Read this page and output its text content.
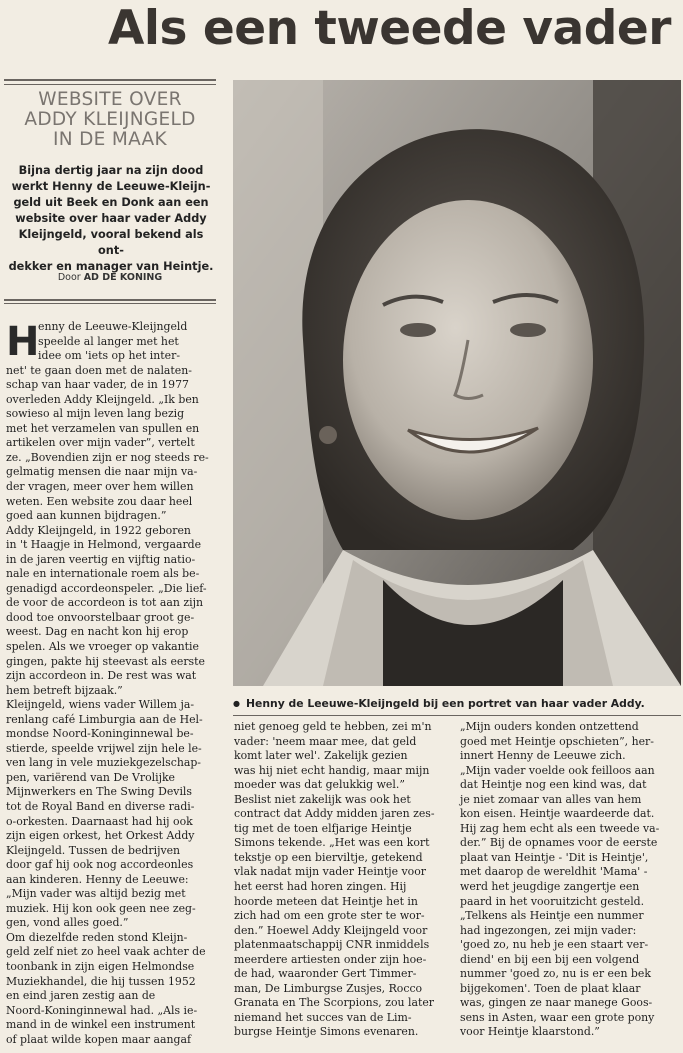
Als een tweede vader
WEBSITE OVER
ADDY KLEIJNGELD
IN DE MAAK
Bijna dertig jaar na zijn dood
werkt Henny de Leeuwe-Kleijn-
geld uit Beek en Donk aan een
website over haar vader Addy
Kleijngeld, vooral bekend als ont-
dekker en manager van Heintje.
Door AD DE KONING
H

enny de Leeuwe-Kleijngeld

speelde al langer met het

idee om 'iets op het inter-

net' te gaan doen met de nalaten-

schap van haar vader, de in 1977

overleden Addy Kleijngeld. „Ik ben

sowieso al mijn leven lang bezig

met het verzamelen van spullen en

artikelen over mijn vader”, vertelt

ze. „Bovendien zijn er nog steeds re-

gelmatig mensen die naar mijn va-

der vragen, meer over hem willen

weten. Een website zou daar heel

goed aan kunnen bijdragen.”

Addy Kleijngeld, in 1922 geboren

in 't Haagje in Helmond, vergaarde

in de jaren veertig en vijftig natio-

nale en internationale roem als be-

genadigd accordeonspeler. „Die lief-

de voor de accordeon is tot aan zijn

dood toe onvoorstelbaar groot ge-

weest. Dag en nacht kon hij erop

spelen. Als we vroeger op vakantie

gingen, pakte hij steevast als eerste

zijn accordeon in. De rest was wat

hem betreft bijzaak.”

Kleijngeld, wiens vader Willem ja-

renlang café Limburgia aan de Hel-

mondse Noord-Koninginnewal be-

stierde, speelde vrijwel zijn hele le-

ven lang in vele muziekgezelschap-

pen, variërend van De Vrolijke

Mijnwerkers en The Swing Devils

tot de Royal Band en diverse radi-

o-orkesten. Daarnaast had hij ook

zijn eigen orkest, het Orkest Addy

Kleijngeld. Tussen de bedrijven

door gaf hij ook nog accordeonles

aan kinderen. Henny de Leeuwe:

„Mijn vader was altijd bezig met

muziek. Hij kon ook geen nee zeg-

gen, vond alles goed.”

Om diezelfde reden stond Kleijn-

geld zelf niet zo heel vaak achter de

toonbank in zijn eigen Helmondse

Muziekhandel, die hij tussen 1952

en eind jaren zestig aan de

Noord-Koninginnewal had. „Als ie-

mand in de winkel een instrument

of plaat wilde kopen maar aangaf

● Henny de Leeuwe-Kleijngeld bij een portret van haar vader Addy.

niet genoeg geld te hebben, zei m'n

vader: 'neem maar mee, dat geld

komt later wel'. Zakelijk gezien

was hij niet echt handig, maar mijn

moeder was dat gelukkig wel.”

Beslist niet zakelijk was ook het

contract dat Addy midden jaren zes-

tig met de toen elfjarige Heintje

Simons tekende. „Het was een kort

tekstje op een bierviltje, getekend

vlak nadat mijn vader Heintje voor

het eerst had horen zingen. Hij

hoorde meteen dat Heintje het in

zich had om een grote ster te wor-

den.” Hoewel Addy Kleijngeld voor

platenmaatschappij CNR inmiddels

meerdere artiesten onder zijn hoe-

de had, waaronder Gert Timmer-

man, De Limburgse Zusjes, Rocco

Granata en The Scorpions, zou later

niemand het succes van de Lim-

burgse Heintje Simons evenaren.

„Mijn ouders konden ontzettend

goed met Heintje opschieten”, her-

innert Henny de Leeuwe zich.

„Mijn vader voelde ook feilloos aan

dat Heintje nog een kind was, dat

je niet zomaar van alles van hem

kon eisen. Heintje waardeerde dat.

Hij zag hem echt als een tweede va-

der.” Bij de opnames voor de eerste

plaat van Heintje - 'Dit is Heintje',

met daarop de wereldhit 'Mama' -

werd het jeugdige zangertje een

paard in het vooruitzicht gesteld.

„Telkens als Heintje een nummer

had ingezongen, zei mijn vader:

'goed zo, nu heb je een staart ver-

diend' en bij een bij een volgend

nummer 'goed zo, nu is er een bek

bijgekomen'. Toen de plaat klaar

was, gingen ze naar manege Goos-

sens in Asten, waar een grote pony

voor Heintje klaarstond.”
